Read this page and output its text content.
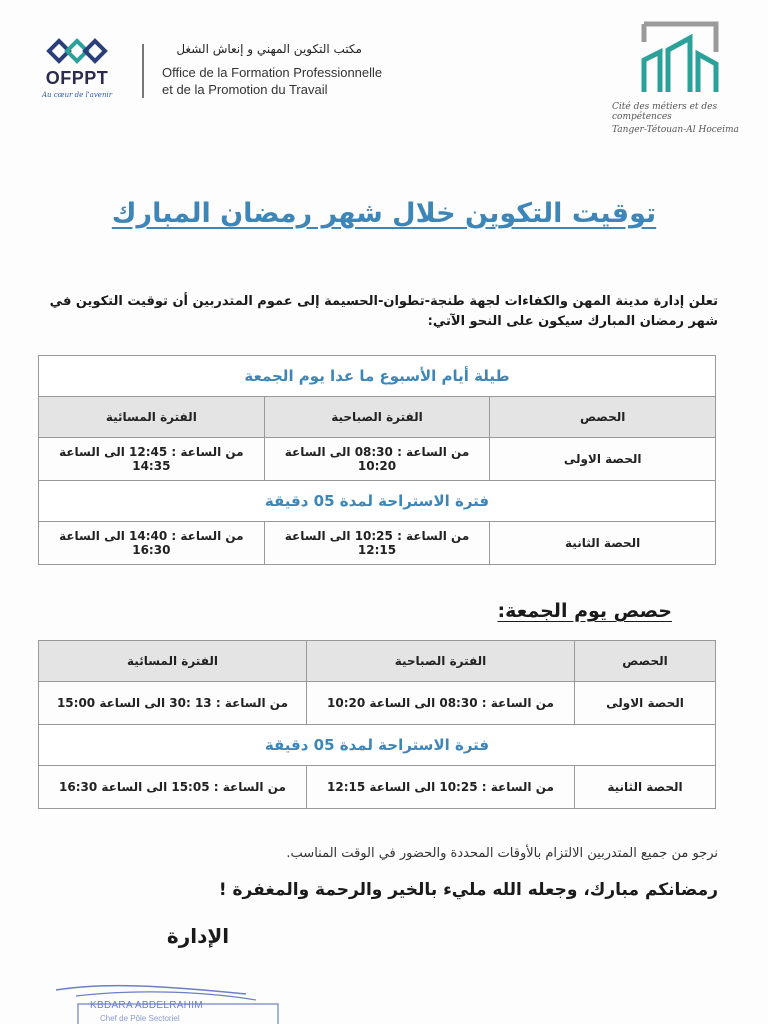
OFPPT
Au cœur de l'avenir
مكتب التكوين المهني و إنعاش الشغل
Office de la Formation Professionnelle
et de la Promotion du Travail
Cité des métiers et des compétences
Tanger-Tétouan-Al Hoceima
توقيت التكوين خلال شهر رمضان المبارك
تعلن إدارة مدينة المهن والكفاءات لجهة طنجة-تطوان-الحسيمة إلى عموم المتدربين أن توقيت التكوين في شهر رمضان المبارك سيكون على النحو الآتي:
طيلة أيام الأسبوع ما عدا يوم الجمعة		
الحصص	الفترة الصباحية	الفترة المسائية
الحصة الاولى	من الساعة : 08:30 الى الساعة 10:20	من الساعة : 12:45 الى الساعة 14:35
فترة الاستراحة لمدة 05 دقيقة		
الحصة الثانية	من الساعة : 10:25 الى الساعة 12:15	من الساعة : 14:40 الى الساعة 16:30
حصص يوم الجمعة:
الحصص	الفترة الصباحية	الفترة المسائية
الحصة الاولى	من الساعة : 08:30 الى الساعة 10:20	من الساعة : 13 :30 الى الساعة 15:00
فترة الاستراحة لمدة 05 دقيقة		
الحصة الثانية	من الساعة : 10:25 الى الساعة 12:15	من الساعة : 15:05 الى الساعة 16:30
نرجو من جميع المتدربين الالتزام بالأوقات المحددة والحضور في الوقت المناسب.
رمضانكم مبارك، وجعله الله مليء بالخير والرحمة والمغفرة !
الإدارة
KBDARA ABDELRAHIM
Chef de Pôle Sectoriel
